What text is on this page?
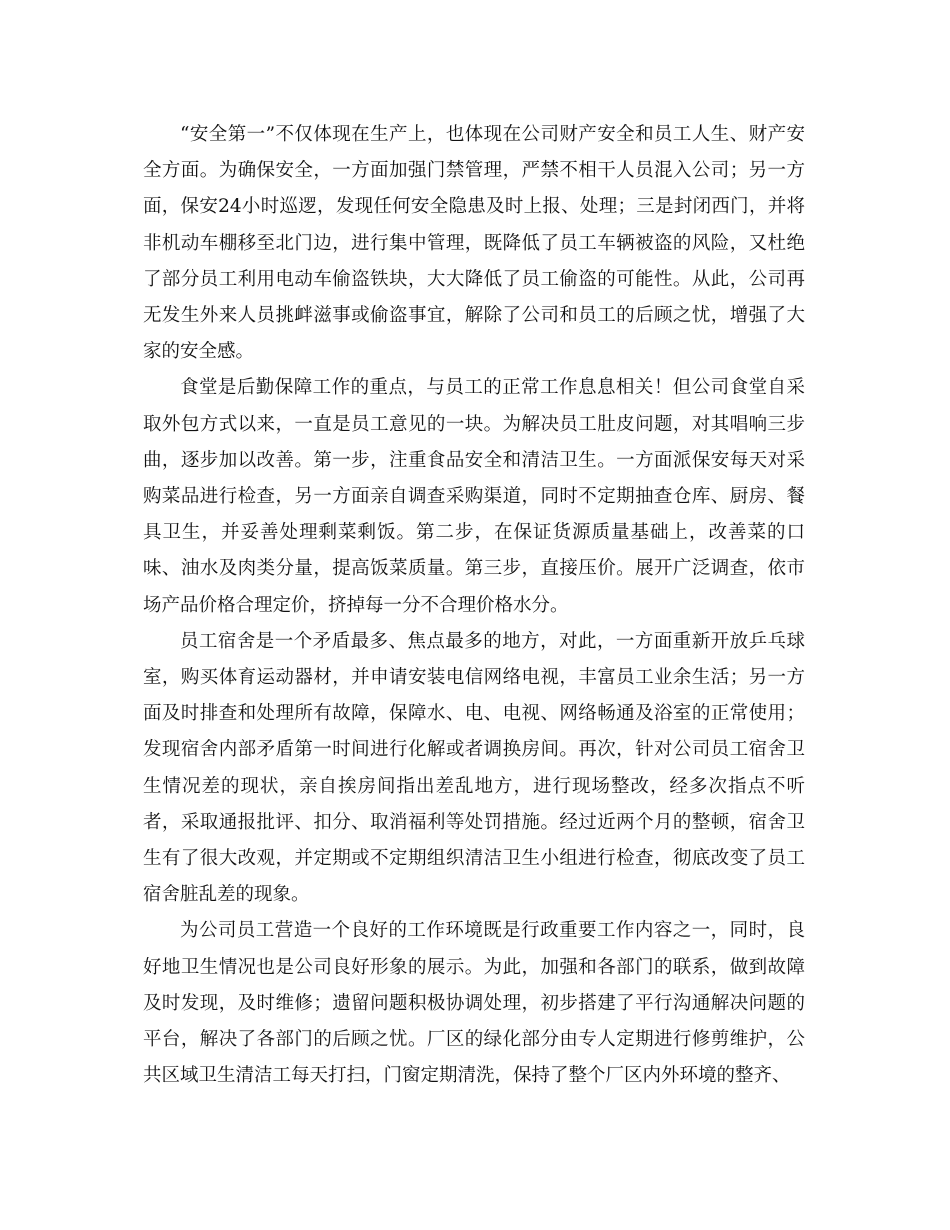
“安全第一”不仅体现在生产上，也体现在公司财产安全和员工人生、财产安全方面。为确保安全，一方面加强门禁管理，严禁不相干人员混入公司；另一方面，保安24小时巡逻，发现任何安全隐患及时上报、处理；三是封闭西门，并将非机动车棚移至北门边，进行集中管理，既降低了员工车辆被盗的风险，又杜绝了部分员工利用电动车偷盗铁块，大大降低了员工偷盗的可能性。从此，公司再无发生外来人员挑衅滋事或偷盗事宜，解除了公司和员工的后顾之忧，增强了大家的安全感。

食堂是后勤保障工作的重点，与员工的正常工作息息相关！但公司食堂自采取外包方式以来，一直是员工意见的一块。为解决员工肚皮问题，对其唱响三步曲，逐步加以改善。第一步，注重食品安全和清洁卫生。一方面派保安每天对采购菜品进行检查，另一方面亲自调查采购渠道，同时不定期抽查仓库、厨房、餐具卫生，并妥善处理剩菜剩饭。第二步，在保证货源质量基础上，改善菜的口味、油水及肉类分量，提高饭菜质量。第三步，直接压价。展开广泛调查，依市场产品价格合理定价，挤掉每一分不合理价格水分。

员工宿舍是一个矛盾最多、焦点最多的地方，对此，一方面重新开放乒乓球室，购买体育运动器材，并申请安装电信网络电视，丰富员工业余生活；另一方面及时排查和处理所有故障，保障水、电、电视、网络畅通及浴室的正常使用；发现宿舍内部矛盾第一时间进行化解或者调换房间。再次，针对公司员工宿舍卫生情况差的现状，亲自挨房间指出差乱地方，进行现场整改，经多次指点不听者，采取通报批评、扣分、取消福利等处罚措施。经过近两个月的整顿，宿舍卫生有了很大改观，并定期或不定期组织清洁卫生小组进行检查，彻底改变了员工宿舍脏乱差的现象。

为公司员工营造一个良好的工作环境既是行政重要工作内容之一，同时，良好地卫生情况也是公司良好形象的展示。为此，加强和各部门的联系，做到故障及时发现，及时维修；遗留问题积极协调处理，初步搭建了平行沟通解决问题的平台，解决了各部门的后顾之忧。厂区的绿化部分由专人定期进行修剪维护，公共区域卫生清洁工每天打扫，门窗定期清洗，保持了整个厂区内外环境的整齐、
